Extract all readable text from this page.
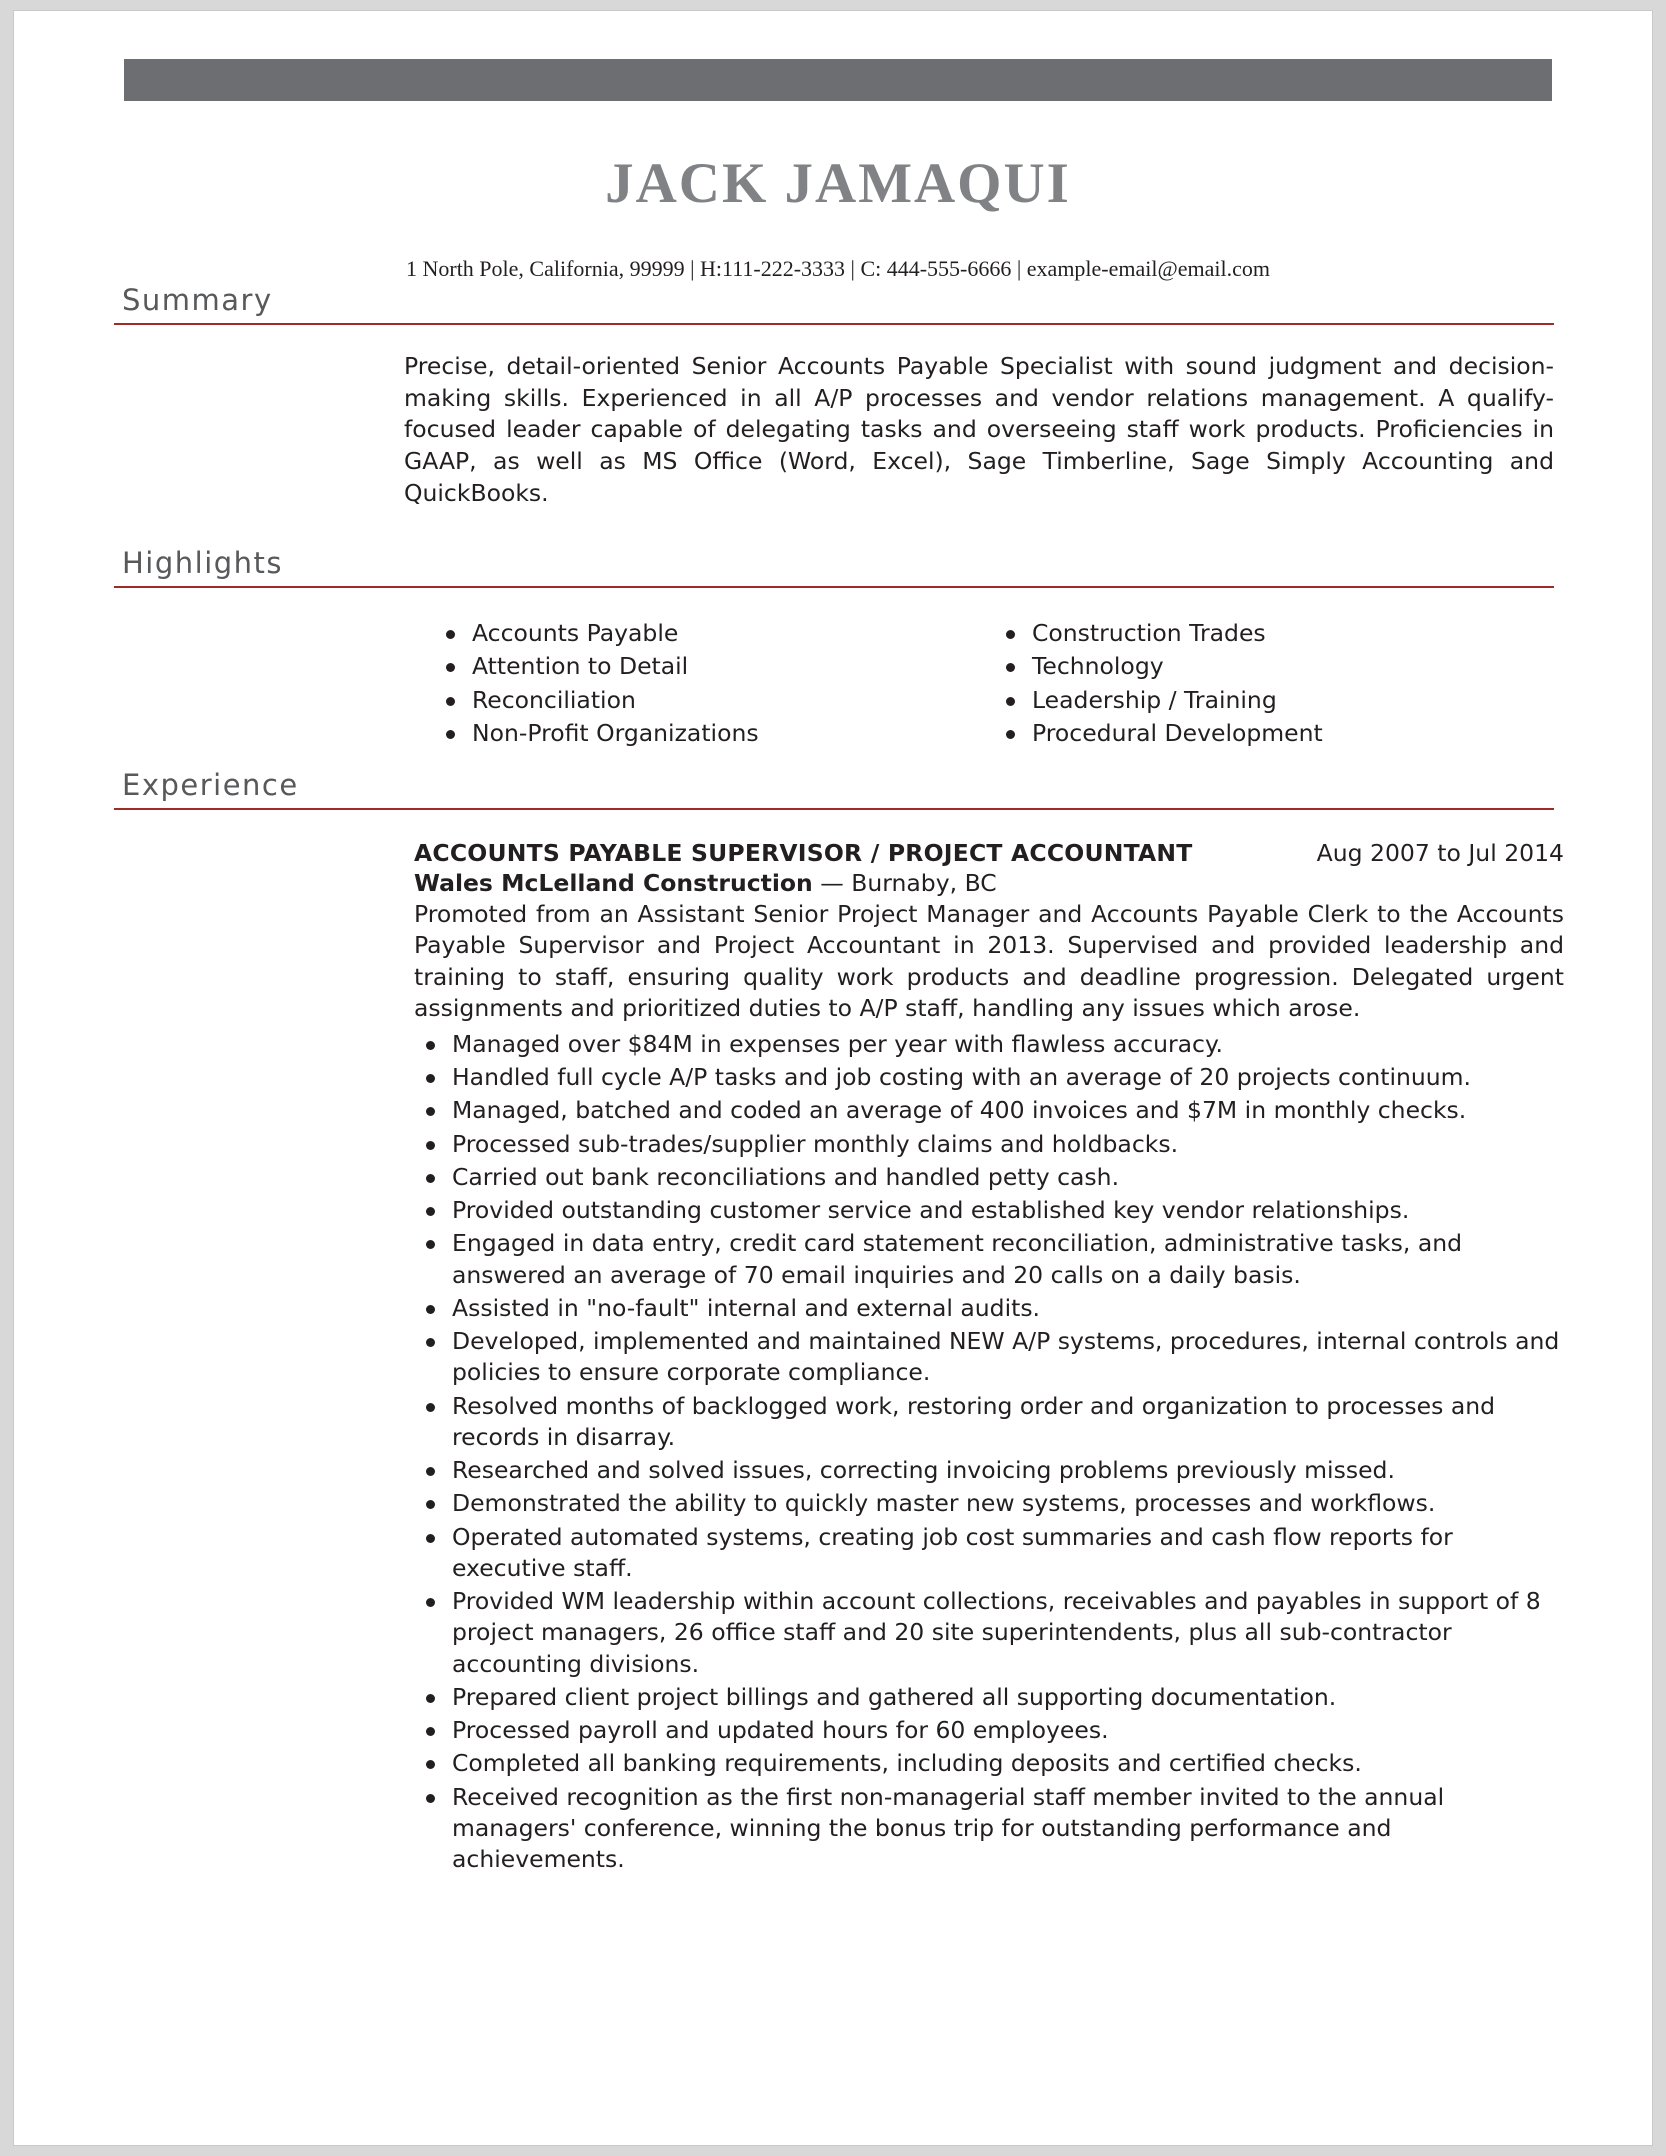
JACK JAMAQUI
1 North Pole, California, 99999 | H:111-222-3333 | C: 444-555-6666 | example-email@email.com
Summary
Precise, detail-oriented Senior Accounts Payable Specialist with sound judgment and decision-making skills. Experienced in all A/P processes and vendor relations management. A qualify-focused leader capable of delegating tasks and overseeing staff work products. Proficiencies in GAAP, as well as MS Office (Word, Excel), Sage Timberline, Sage Simply Accounting and QuickBooks.
Highlights
Accounts Payable
Attention to Detail
Reconciliation
Non-Profit Organizations
Construction Trades
Technology
Leadership / Training
Procedural Development
Experience
ACCOUNTS PAYABLE SUPERVISOR / PROJECT ACCOUNTANT	Aug 2007 to Jul 2014
Wales McLelland Construction — Burnaby, BC
Promoted from an Assistant Senior Project Manager and Accounts Payable Clerk to the Accounts Payable Supervisor and Project Accountant in 2013. Supervised and provided leadership and training to staff, ensuring quality work products and deadline progression. Delegated urgent assignments and prioritized duties to A/P staff, handling any issues which arose.
Managed over $84M in expenses per year with flawless accuracy.
Handled full cycle A/P tasks and job costing with an average of 20 projects continuum.
Managed, batched and coded an average of 400 invoices and $7M in monthly checks.
Processed sub-trades/supplier monthly claims and holdbacks.
Carried out bank reconciliations and handled petty cash.
Provided outstanding customer service and established key vendor relationships.
Engaged in data entry, credit card statement reconciliation, administrative tasks, and answered an average of 70 email inquiries and 20 calls on a daily basis.
Assisted in "no-fault" internal and external audits.
Developed, implemented and maintained NEW A/P systems, procedures, internal controls and policies to ensure corporate compliance.
Resolved months of backlogged work, restoring order and organization to processes and records in disarray.
Researched and solved issues, correcting invoicing problems previously missed.
Demonstrated the ability to quickly master new systems, processes and workflows.
Operated automated systems, creating job cost summaries and cash flow reports for executive staff.
Provided WM leadership within account collections, receivables and payables in support of 8 project managers, 26 office staff and 20 site superintendents, plus all sub-contractor accounting divisions.
Prepared client project billings and gathered all supporting documentation.
Processed payroll and updated hours for 60 employees.
Completed all banking requirements, including deposits and certified checks.
Received recognition as the first non-managerial staff member invited to the annual managers' conference, winning the bonus trip for outstanding performance and achievements.
